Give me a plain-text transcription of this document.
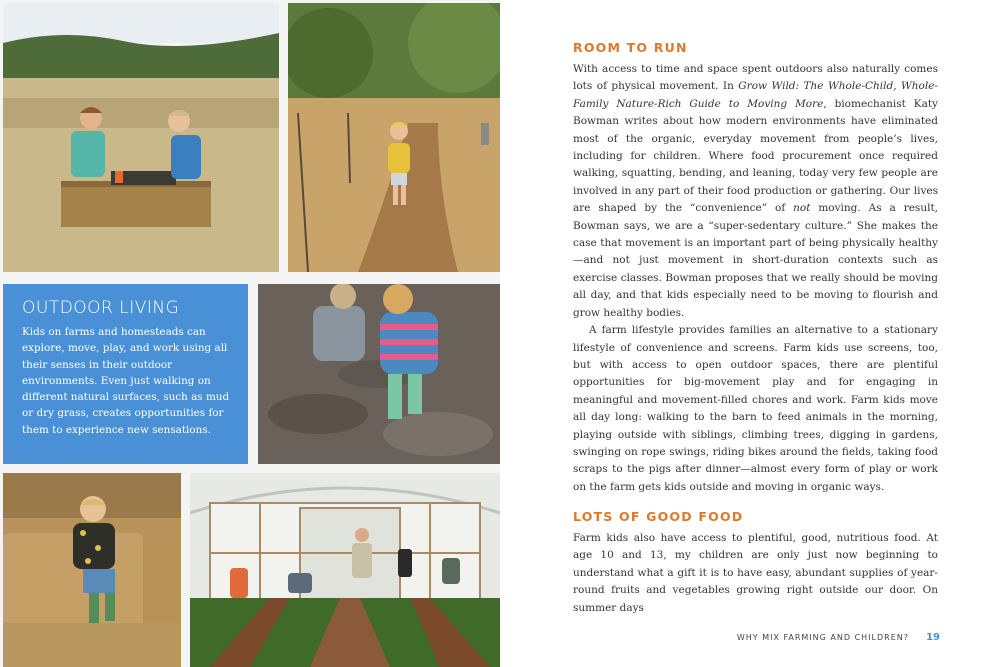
OUTDOOR LIVING

Kids on farms and homesteads can explore, move, play, and work using all their senses in their outdoor environments. Even just walking on different natural surfaces, such as mud or dry grass, creates opportunities for them to experience new sensations.

ROOM TO RUN

With access to time and space spent outdoors also naturally comes lots of physical movement. In Grow Wild: The Whole-Child, Whole-Family Nature-Rich Guide to Moving More, biomechanist Katy Bowman writes about how modern environments have eliminated most of the organic, everyday movement from people’s lives, including for children. Where food procurement once required walking, squatting, bending, and leaning, today very few people are involved in any part of their food production or gathering. Our lives are shaped by the “convenience” of not moving. As a result, Bowman says, we are a “super-sedentary culture.” She makes the case that movement is an important part of being physically healthy—and not just movement in short-duration contexts such as exercise classes. Bowman proposes that we really should be moving all day, and that kids especially need to be moving to flourish and grow healthy bodies.

A farm lifestyle provides families an alternative to a stationary lifestyle of convenience and screens. Farm kids use screens, too, but with access to open outdoor spaces, there are plentiful opportunities for big-movement play and for engaging in meaningful and movement-filled chores and work. Farm kids move all day long: walking to the barn to feed animals in the morning, playing outside with siblings, climbing trees, digging in gardens, swinging on rope swings, riding bikes around the fields, taking food scraps to the pigs after dinner—almost every form of play or work on the farm gets kids outside and moving in organic ways.

LOTS OF GOOD FOOD

Farm kids also have access to plentiful, good, nutritious food. At age 10 and 13, my children are only just now beginning to understand what a gift it is to have easy, abundant supplies of year-round fruits and vegetables growing right outside our door. On summer days

WHY MIX FARMING AND CHILDREN? 19
